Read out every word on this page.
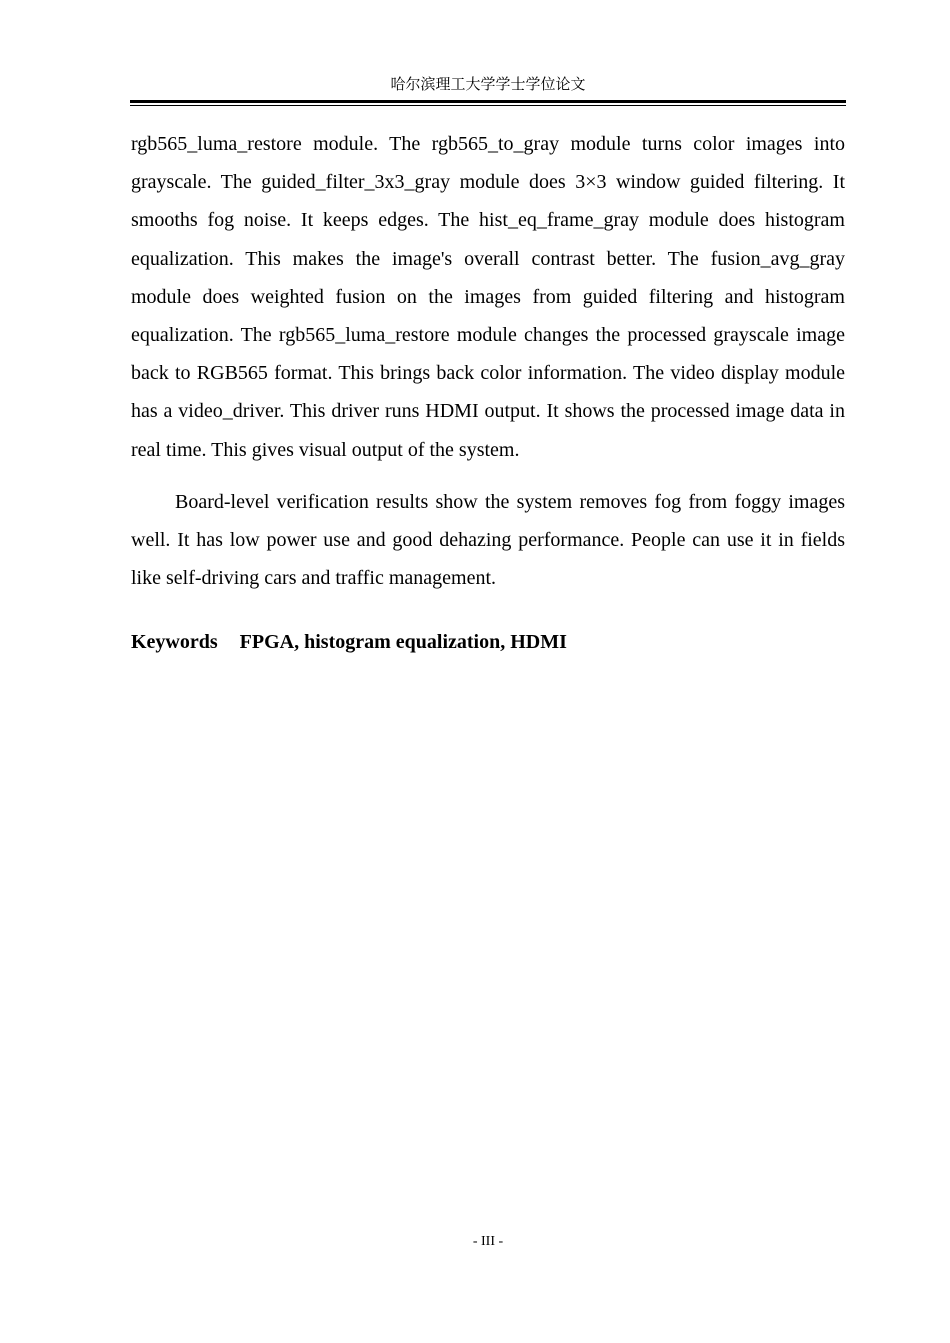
哈尔滨理工大学学士学位论文

rgb565_luma_restore module. The rgb565_to_gray module turns color images into grayscale. The guided_filter_3x3_gray module does 3×3 window guided filtering. It smooths fog noise. It keeps edges. The hist_eq_frame_gray module does histogram equalization. This makes the image's overall contrast better. The fusion_avg_gray module does weighted fusion on the images from guided filtering and histogram equalization. The rgb565_luma_restore module changes the processed grayscale image back to RGB565 format. This brings back color information. The video display module has a video_driver. This driver runs HDMI output. It shows the processed image data in real time. This gives visual output of the system.

Board-level verification results show the system removes fog from foggy images well. It has low power use and good dehazing performance. People can use it in fields like self-driving cars and traffic management.

Keywords FPGA, histogram equalization, HDMI
- III -
